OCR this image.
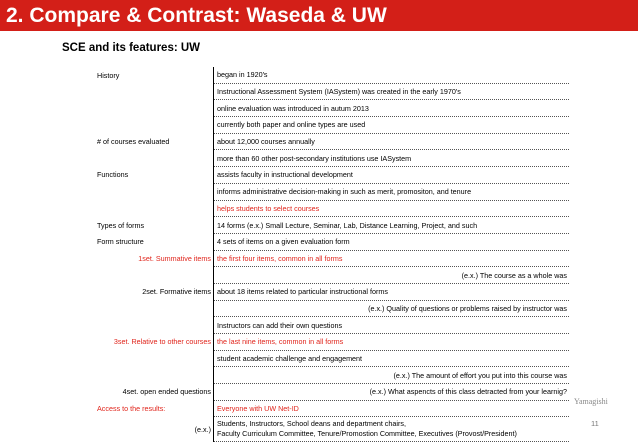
2. Compare & Contrast: Waseda & UW
SCE and its features: UW
History	began in 1920's
	Instructional Assessment System (IASystem) was created in the early 1970's
	online evaluation was introduced in autum 2013
	currently both paper and online types are used
# of courses evaluated	about 12,000 courses annually
	more than 60 other post-secondary institutions use IASystem
Functions	assists faculty in instructional development
	informs administrative decision-making in such as merit, promositon, and tenure
	helps students to select courses
Types of forms	14 forms (e.x.) Small Lecture, Seminar, Lab, Distance Learning, Project, and such
Form structure	4 sets of items on a given evaluation form
1set. Summative items	the first four items, common in all forms
	(e.x.) The course as a whole was
2set. Formative items	about 18 items related to particular instructional forms
	(e.x.) Quality of questions or problems raised by instructor was
	Instructors can add their own questions
3set. Relative to other courses	the last nine items, common in all forms
	student academic challenge and engagement
	(e.x.) The amount of effort you put into this course was
4set. open ended questions	(e.x.) What aspencts of this class detracted from your learnig?
Access to the results:	Everyone with UW Net-ID
(e.x.)	Students, Instructors, School deans and department chairs,
Faculty Curriculum Committee, Tenure/Promostion Committee, Executives (Provost/President)
Yamagishi
11
